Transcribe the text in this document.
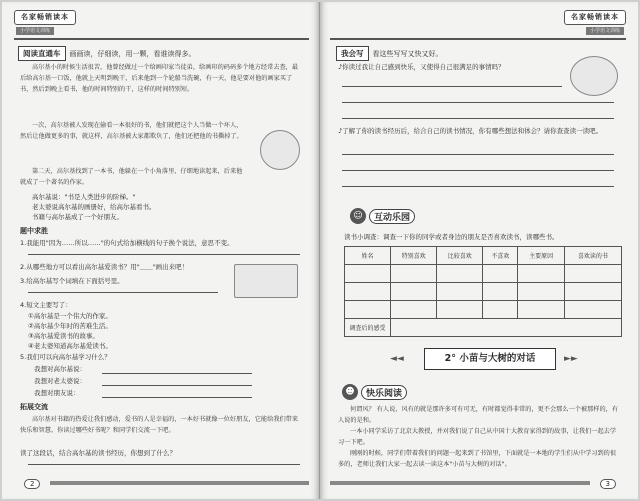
名家畅销读本
小学语文训练
阅读直通车	画画读，仔细读，用一颗，看谁读得多。

高尔基小的时候生活很苦，他曾经做过一个给画印家当徒弟，给画印的码码多个地方经常去查，最后给高尔基一口饭，他就上天明到晚干，后来他到一个轮船当洗碗，有一天，他是要对他的画家买了书，然后到晚上看书，他的时间特别的干，这样的时间特别短。

一次，高尔基被人发现在偷看一本很好的书，他们就把这个人当做一个坏人，然后让他做更多的事，就这样，高尔基被大家都欺负了，他们还把他的书撕掉了。

第二天，高尔基找到了一本书，他躲在一个小角落里，仔细地读起来，后来他就成了一个著名的作家。

高尔基说："书是人类进步的阶梯。"

老太婆说高尔基的画册好，给高尔基看书。

书籍与高尔基成了一个好朋友。

题中求胜

1.我能用"因为……所以……"的句式给加横线的句子换个说法，意思不变。

2.从哪些地方可以看出高尔基爱读书？用"＿＿"画出来吧！

3.给高尔基写个词填在下面括号里。

4.短文主要写了：

①高尔基是一个伟大的作家。

②高尔基少年时的苦难生活。

③高尔基爱读书的故事。

④老太婆知道高尔基爱读书。

5.我们可以向高尔基学习什么？

我想对高尔基说：

我想对老太婆说：

我想对朋友说：

拓展交流

高尔基对书籍的热爱让我们感动，爱书的人是幸福的，一本好书就像一位好朋友，它能给我们带来快乐和智慧。你读过哪些好书呢？和同学们交流一下吧。

读了这段话，结合高尔基的读书经历，你想到了什么？

2
名家畅销读本
小学语文训练
我会写	看这些写写又快又好。

♪你读过我让自己感到快乐，又使得自己很满足的事情吗？

♪了解了你的读书经历后，给合自己的读书情况，你有哪些想法和体会？请你查查读一读吧。

☺	互动乐园

读书小调查：调查一下你的同学或者身边的朋友是否喜欢读书，读哪些书。

姓名	特别喜欢	比较喜欢	不喜欢	主要原因	喜欢读的书

调查后的感受					
◄◄	2° 小苗与大树的对话	►►
☻	快乐阅读

何谓风？ 有人说，风有的就是那许多可有可无，有时都觉得非常的，更不会那么一个被那样的，有人说的是和。

一本小同学采访了北京大教授，并对我们说了自己从中国十大教育家得到的故事，让我们一起去学习一下吧。

刚刚的时候，同学们带着我们的问题一起来到了书馆里，下面就是一本地的学生们从中学习到的很多的，老师让我们大家一起去读一读这本"小苗与大树的对话"。

3
